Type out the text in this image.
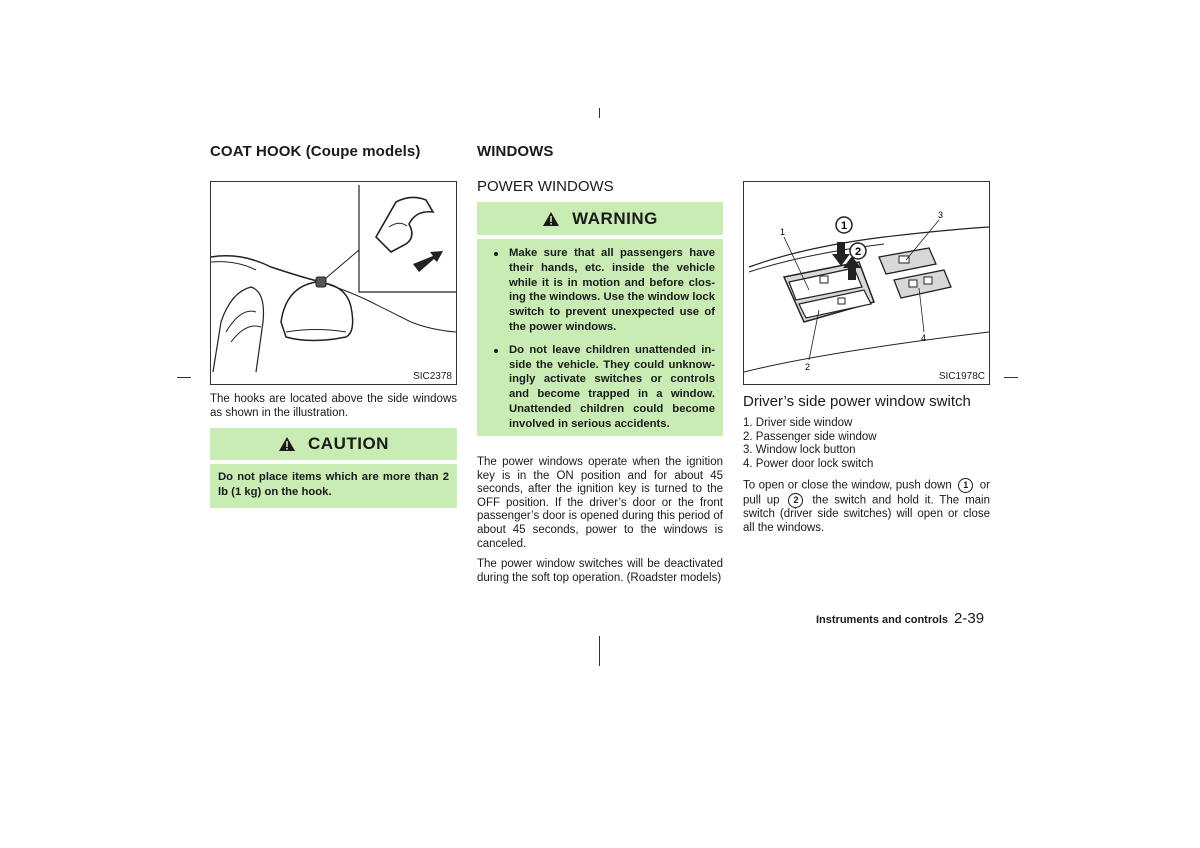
COAT HOOK (Coupe models)
SIC2378
The hooks are located above the side windows as shown in the illustration.
CAUTION
Do not place items which are more than 2 lb (1 kg) on the hook.
WINDOWS
POWER WINDOWS
WARNING
Make sure that all passengers have their hands, etc. inside the vehicle while it is in motion and before clos-ing the windows. Use the window lock switch to prevent unexpected use of the power windows.
Do not leave children unattended in-side the vehicle. They could unknow-ingly activate switches or controls and become trapped in a window. Unattended children could become involved in serious accidents.

The power windows operate when the ignition key is in the ON position and for about 45 seconds, after the ignition key is turned to the OFF position. If the driver’s door or the front passenger’s door is opened during this period of about 45 seconds, power to the windows is canceled.

The power window switches will be deactivated during the soft top operation. (Roadster models)

1
2
1
2
3
4
SIC1978C
Driver’s side power window switch
1. Driver side window
2. Passenger side window
3. Window lock button
4. Power door lock switch
To open or close the window, push down 1 or pull up 2 the switch and hold it. The main switch (driver side switches) will open or close all the windows.
Instruments and controls 2-39
